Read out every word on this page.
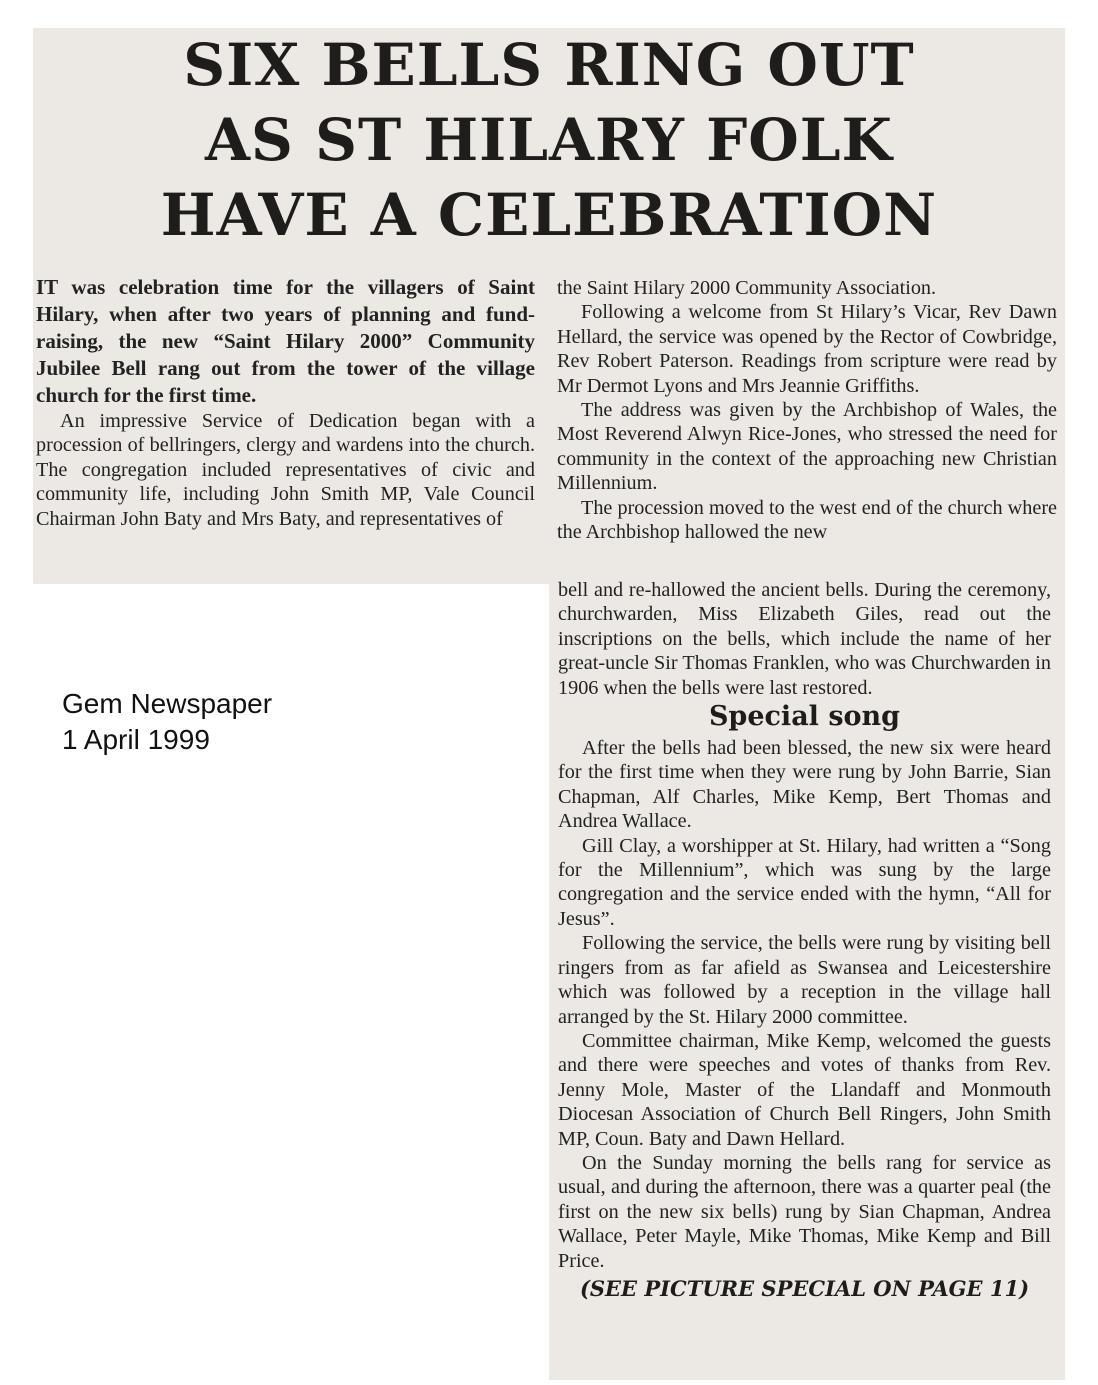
SIX BELLS RING OUT
AS ST HILARY FOLK
HAVE A CELEBRATION

IT was celebration time for the villagers of Saint Hilary, when after two years of planning and fund-raising, the new “Saint Hilary 2000” Community Jubilee Bell rang out from the tower of the village church for the first time.

An impressive Service of Dedication began with a procession of bellringers, clergy and wardens into the church. The congregation included representatives of civic and community life, including John Smith MP, Vale Council Chairman John Baty and Mrs Baty, and representatives of

the Saint Hilary 2000 Community Association.

Following a welcome from St Hilary’s Vicar, Rev Dawn Hellard, the service was opened by the Rector of Cowbridge, Rev Robert Paterson. Readings from scripture were read by Mr Dermot Lyons and Mrs Jeannie Griffiths.

The address was given by the Archbishop of Wales, the Most Reverend Alwyn Rice-Jones, who stressed the need for community in the context of the approaching new Christian Millennium.

The procession moved to the west end of the church where the Archbishop hallowed the new

bell and re-hallowed the ancient bells. During the ceremony, churchwarden, Miss Elizabeth Giles, read out the inscriptions on the bells, which include the name of her great-uncle Sir Thomas Franklen, who was Churchwarden in 1906 when the bells were last restored.

Special song

After the bells had been blessed, the new six were heard for the first time when they were rung by John Barrie, Sian Chapman, Alf Charles, Mike Kemp, Bert Thomas and Andrea Wallace.

Gill Clay, a worshipper at St. Hilary, had written a “Song for the Millennium”, which was sung by the large congregation and the service ended with the hymn, “All for Jesus”.

Following the service, the bells were rung by visiting bell ringers from as far afield as Swansea and Leicestershire which was followed by a reception in the village hall arranged by the St. Hilary 2000 committee.

Committee chairman, Mike Kemp, welcomed the guests and there were speeches and votes of thanks from Rev. Jenny Mole, Master of the Llandaff and Monmouth Diocesan Association of Church Bell Ringers, John Smith MP, Coun. Baty and Dawn Hellard.

On the Sunday morning the bells rang for service as usual, and during the afternoon, there was a quarter peal (the first on the new six bells) rung by Sian Chapman, Andrea Wallace, Peter Mayle, Mike Thomas, Mike Kemp and Bill Price.

(SEE PICTURE SPECIAL ON PAGE 11)
Gem Newspaper
1 April 1999
